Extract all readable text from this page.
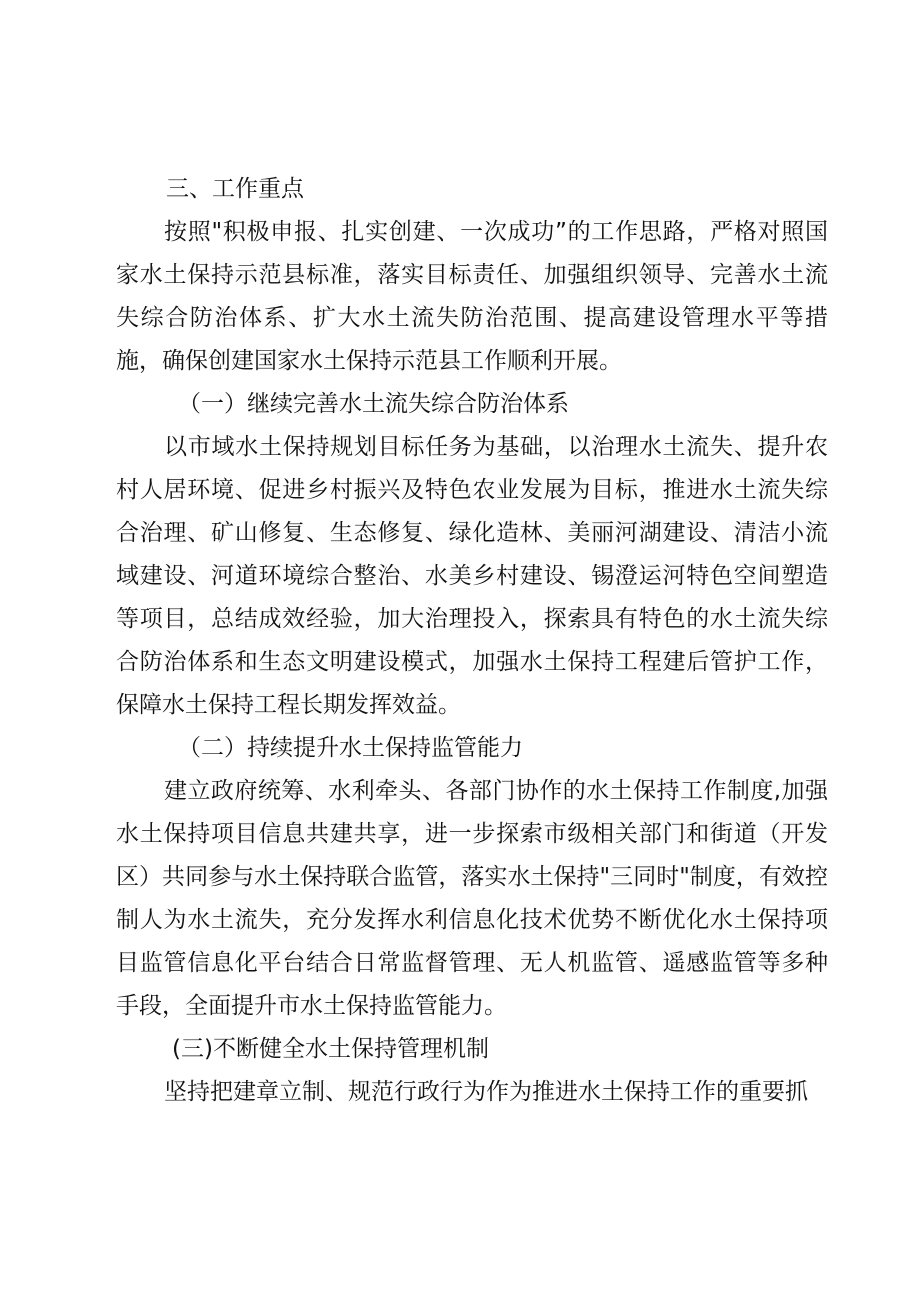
三、工作重点

按照"积极申报、扎实创建、一次成功”的工作思路，严格对照国家水土保持示范县标准，落实目标责任、加强组织领导、完善水土流失综合防治体系、扩大水土流失防治范围、提高建设管理水平等措施，确保创建国家水土保持示范县工作顺利开展。

（一）继续完善水土流失综合防治体系

以市域水土保持规划目标任务为基础，以治理水土流失、提升农村人居环境、促进乡村振兴及特色农业发展为目标，推进水土流失综合治理、矿山修复、生态修复、绿化造林、美丽河湖建设、清洁小流域建设、河道环境综合整治、水美乡村建设、锡澄运河特色空间塑造等项目，总结成效经验，加大治理投入，探索具有特色的水土流失综合防治体系和生态文明建设模式，加强水土保持工程建后管护工作，保障水土保持工程长期发挥效益。

（二）持续提升水土保持监管能力

建立政府统筹、水利牵头、各部门协作的水土保持工作制度,加强水土保持项目信息共建共享，进一步探索市级相关部门和街道（开发区）共同参与水土保持联合监管，落实水土保持"三同时"制度，有效控制人为水土流失，充分发挥水利信息化技术优势不断优化水土保持项目监管信息化平台结合日常监督管理、无人机监管、遥感监管等多种手段，全面提升市水土保持监管能力。

(三)不断健全水土保持管理机制

坚持把建章立制、规范行政行为作为推进水土保持工作的重要抓
